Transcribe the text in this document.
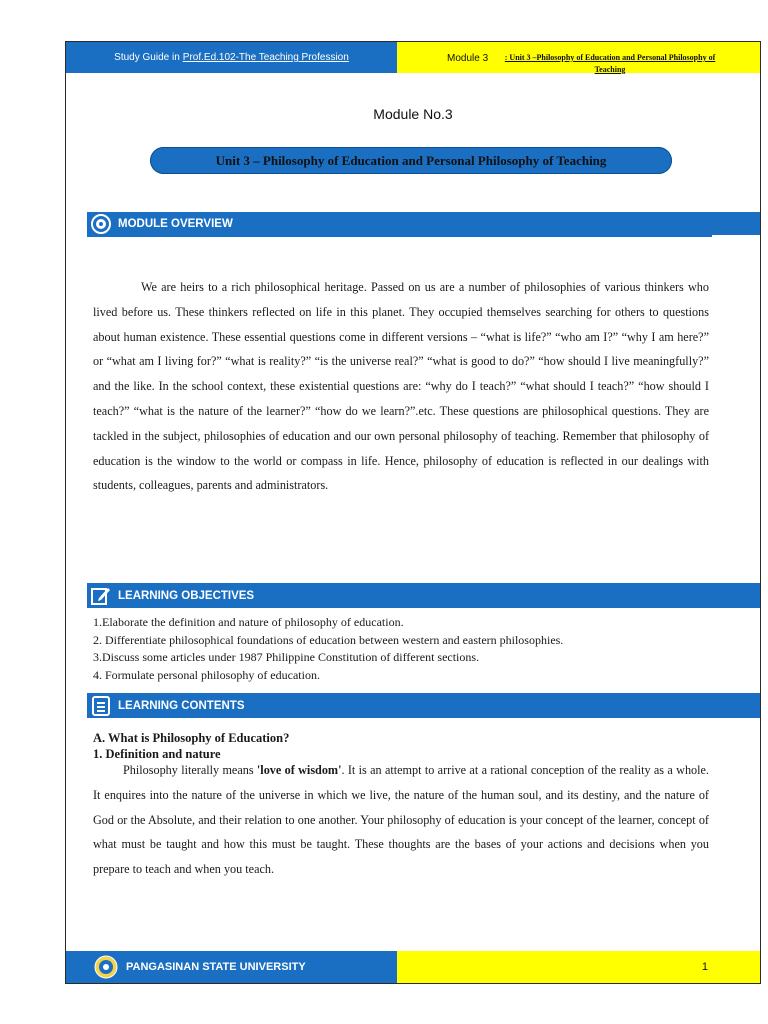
Study Guide in Prof.Ed.102-The Teaching Profession	Module 3	: Unit 3 –Philosophy of Education and Personal Philosophy of Teaching
Module No.3
Unit 3 – Philosophy of Education and Personal Philosophy of Teaching
MODULE OVERVIEW
We are heirs to a rich philosophical heritage. Passed on us are a number of philosophies of various thinkers who lived before us. These thinkers reflected on life in this planet. They occupied themselves searching for others to questions about human existence. These essential questions come in different versions – “what is life?” “who am I?” “why I am here?” or “what am I living for?” “what is reality?” “is the universe real?” “what is good to do?” “how should I live meaningfully?” and the like. In the school context, these existential questions are: “why do I teach?” “what should I teach?” “how should I teach?” “what is the nature of the learner?” “how do we learn?”.etc. These questions are philosophical questions. They are tackled in the subject, philosophies of education and our own personal philosophy of teaching. Remember that philosophy of education is the window to the world or compass in life. Hence, philosophy of education is reflected in our dealings with students, colleagues, parents and administrators.
LEARNING OBJECTIVES
1.Elaborate the definition and nature of philosophy of education.
2. Differentiate philosophical foundations of education between western and eastern philosophies.
3.Discuss some articles under 1987 Philippine Constitution of different sections.
4. Formulate personal philosophy of education.
LEARNING CONTENTS
A. What is Philosophy of Education?
1. Definition and nature
Philosophy literally means 'love of wisdom'. It is an attempt to arrive at a rational conception of the reality as a whole. It enquires into the nature of the universe in which we live, the nature of the human soul, and its destiny, and the nature of God or the Absolute, and their relation to one another. Your philosophy of education is your concept of the learner, concept of what must be taught and how this must be taught. These thoughts are the bases of your actions and decisions when you prepare to teach and when you teach.
PANGASINAN STATE UNIVERSITY	1
